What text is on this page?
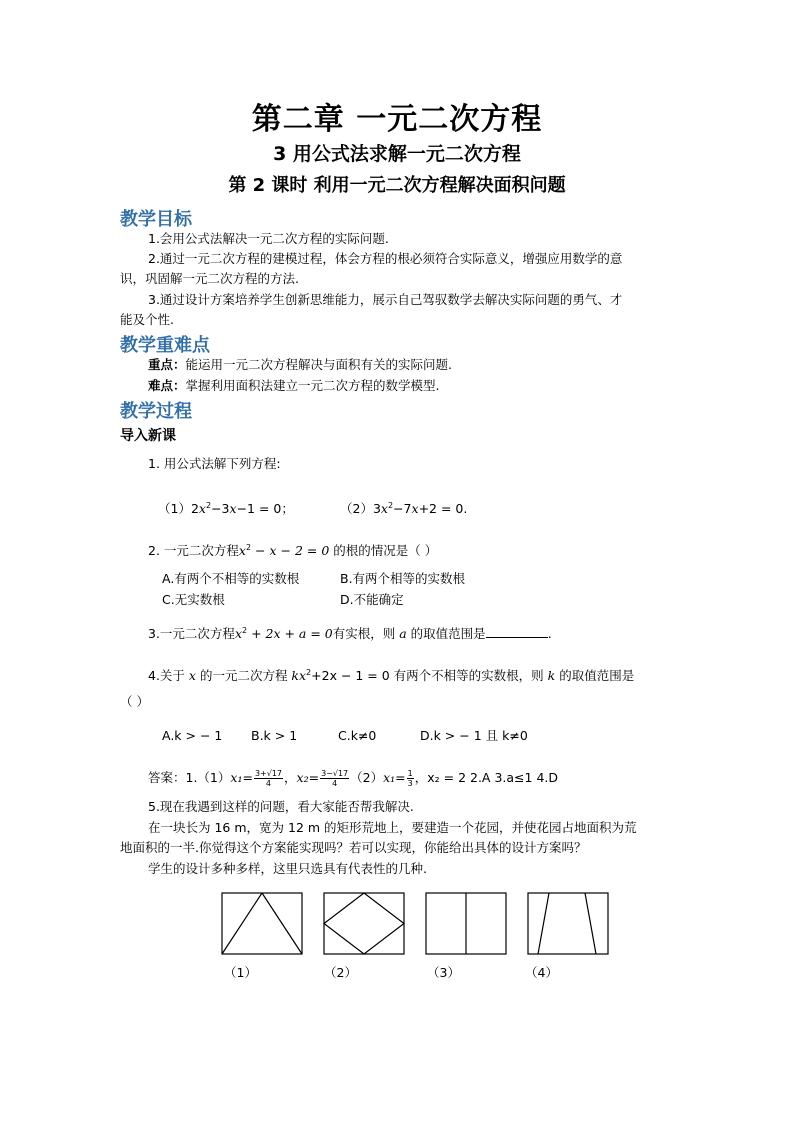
第二章 一元二次方程
3 用公式法求解一元二次方程
第 2 课时 利用一元二次方程解决面积问题
教学目标
1.会用公式法解决一元二次方程的实际问题.
2.通过一元二次方程的建模过程，体会方程的根必须符合实际意义，增强应用数学的意
识，巩固解一元二次方程的方法.
3.通过设计方案培养学生创新思维能力，展示自己驾驭数学去解决实际问题的勇气、才
能及个性.
教学重难点
重点：能运用一元二次方程解决与面积有关的实际问题.
难点：掌握利用面积法建立一元二次方程的数学模型.
教学过程
导入新课
1. 用公式法解下列方程:
$(1)2x^2-3x-1 = 0$；	$(2)3x^2-7x+2 = 0$.
2. 一元二次方程$x^2 - x - 2 = 0$ 的根的情况是（ ）
A.有两个不相等的实数根	B.有两个相等的实数根
C.无实数根	D.不能确定
3.一元二次方程$x^2 + 2x + a = 0$有实根，则 a 的取值范围是	.
4.关于 x 的一元二次方程 $kx^2+2x - 1 = 0$ 有两个不相等的实数根，则 k 的取值范围是
（ ）
A.k > − 1 B.k > 1	C.k≠0	D.k > − 1 且 k≠0
答案：$1.(1)x_1= \frac{3+√17}{4}$ ，$x_2= \frac{3-√17}{4} (2)x_1= \frac{1}{3}$ ，x₂ = 2 2.A 3.a≤1 4.D
5.现在我遇到这样的问题，看大家能否帮我解决.
在一块长为 16 m，宽为 12 m 的矩形荒地上，要建造一个花园，并使花园占地面积为荒
地面积的一半.你觉得这个方案能实现吗？若可以实现，你能给出具体的设计方案吗？
学生的设计多种多样，这里只选具有代表性的几种.
（1）	（2）	（3）	（4）
